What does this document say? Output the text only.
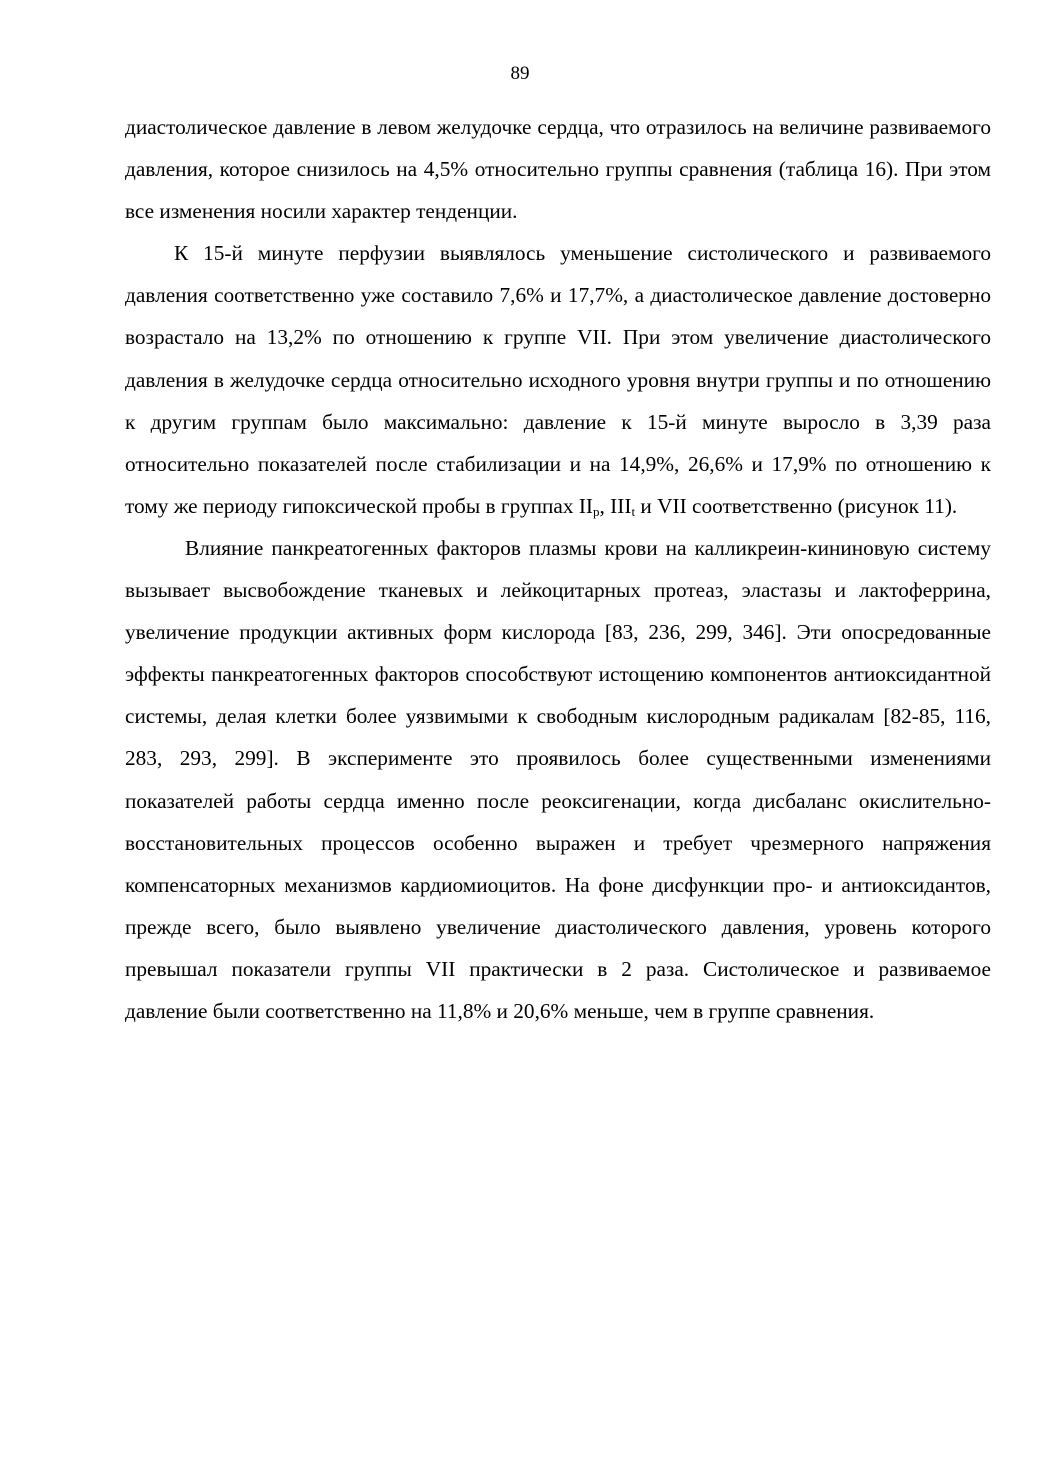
89

диастолическое давление в левом желудочке сердца, что отразилось на величине развиваемого давления, которое снизилось на 4,5% относительно группы сравнения (таблица 16). При этом все изменения носили характер тенденции.

К 15-й минуте перфузии выявлялось уменьшение систолического и развиваемого давления соответственно уже составило 7,6% и 17,7%, а диастолическое давление достоверно возрастало на 13,2% по отношению к группе VII. При этом увеличение диастолического давления в желудочке сердца относительно исходного уровня внутри группы и по отношению к другим группам было максимально: давление к 15-й минуте выросло в 3,39 раза относительно показателей после стабилизации и на 14,9%, 26,6% и 17,9% по отношению к тому же периоду гипоксической пробы в группах $II_p$, $III_t$ и VII соответственно (рисунок 11).

Влияние панкреатогенных факторов плазмы крови на калликреин-кининовую систему вызывает высвобождение тканевых и лейкоцитарных протеаз, эластазы и лактоферрина, увеличение продукции активных форм кислорода [83, 236, 299, 346]. Эти опосредованные эффекты панкреатогенных факторов способствуют истощению компонентов антиоксидантной системы, делая клетки более уязвимыми к свободным кислородным радикалам [82-85, 116, 283, 293, 299]. В эксперименте это проявилось более существенными изменениями показателей работы сердца именно после реоксигенации, когда дисбаланс окислительно-восстановительных процессов особенно выражен и требует чрезмерного напряжения компенсаторных механизмов кардиомиоцитов. На фоне дисфункции про- и антиоксидантов, прежде всего, было выявлено увеличение диастолического давления, уровень которого превышал показатели группы VII практически в 2 раза. Систолическое и развиваемое давление были соответственно на 11,8% и 20,6% меньше, чем в группе сравнения.
